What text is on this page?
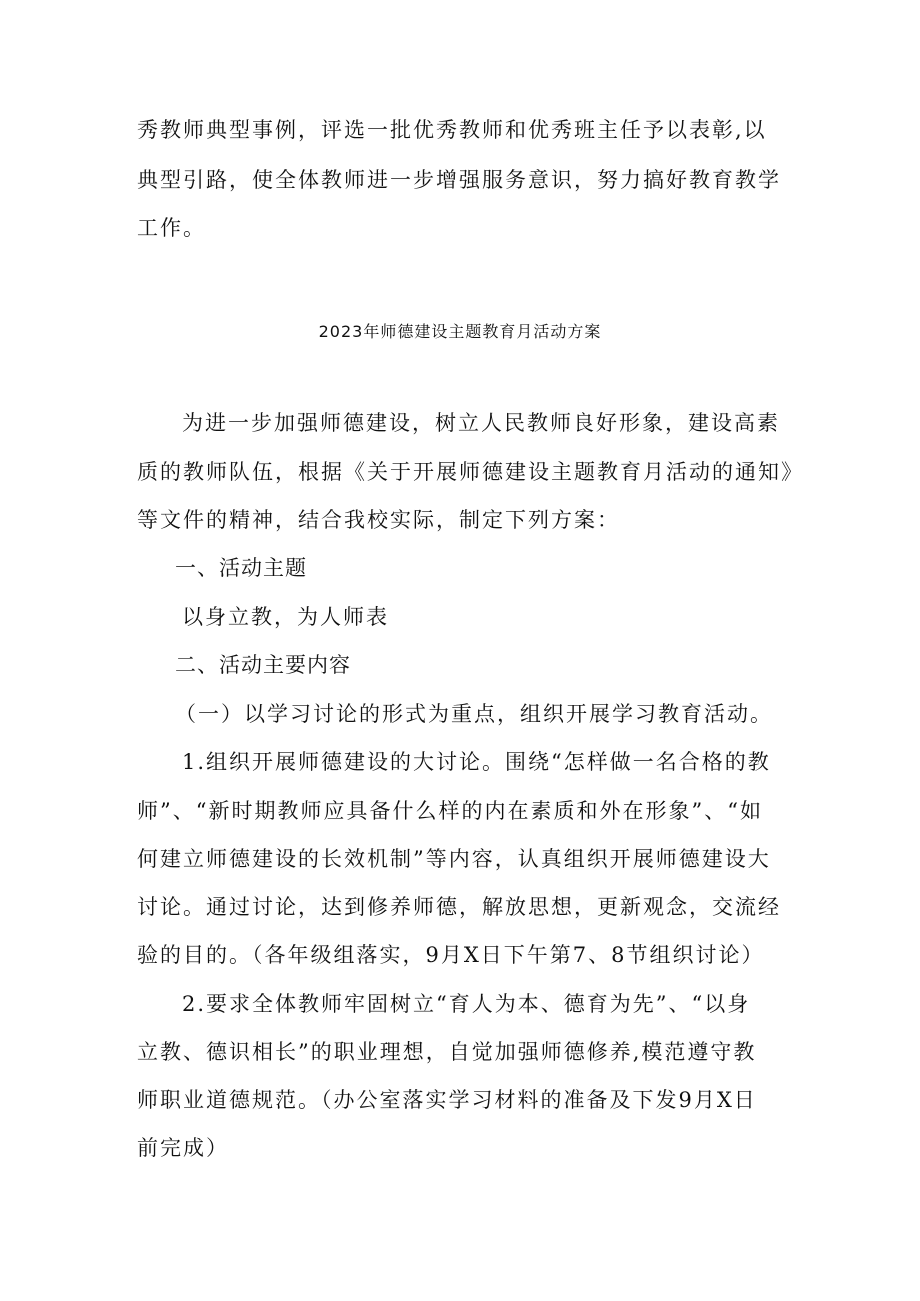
秀教师典型事例，评选一批优秀教师和优秀班主任予以表彰,以
典型引路，使全体教师进一步增强服务意识，努力搞好教育教学
工作。
2023年师德建设主题教育月活动方案
为进一步加强师德建设，树立人民教师良好形象，建设高素
质的教师队伍，根据《关于开展师德建设主题教育月活动的通知》
等文件的精神，结合我校实际，制定下列方案：
一、活动主题
以身立教，为人师表
二、活动主要内容
（一）以学习讨论的形式为重点，组织开展学习教育活动。
1.组织开展师德建设的大讨论。围绕“怎样做一名合格的教
师”、“新时期教师应具备什么样的内在素质和外在形象”、“如
何建立师德建设的长效机制”等内容，认真组织开展师德建设大
讨论。通过讨论，达到修养师德，解放思想，更新观念，交流经
验的目的。（各年级组落实，9月X日下午第7、8节组织讨论）
2.要求全体教师牢固树立“育人为本、德育为先”、“以身
立教、德识相长”的职业理想，自觉加强师德修养,模范遵守教
师职业道德规范。（办公室落实学习材料的准备及下发9月X日
前完成）
